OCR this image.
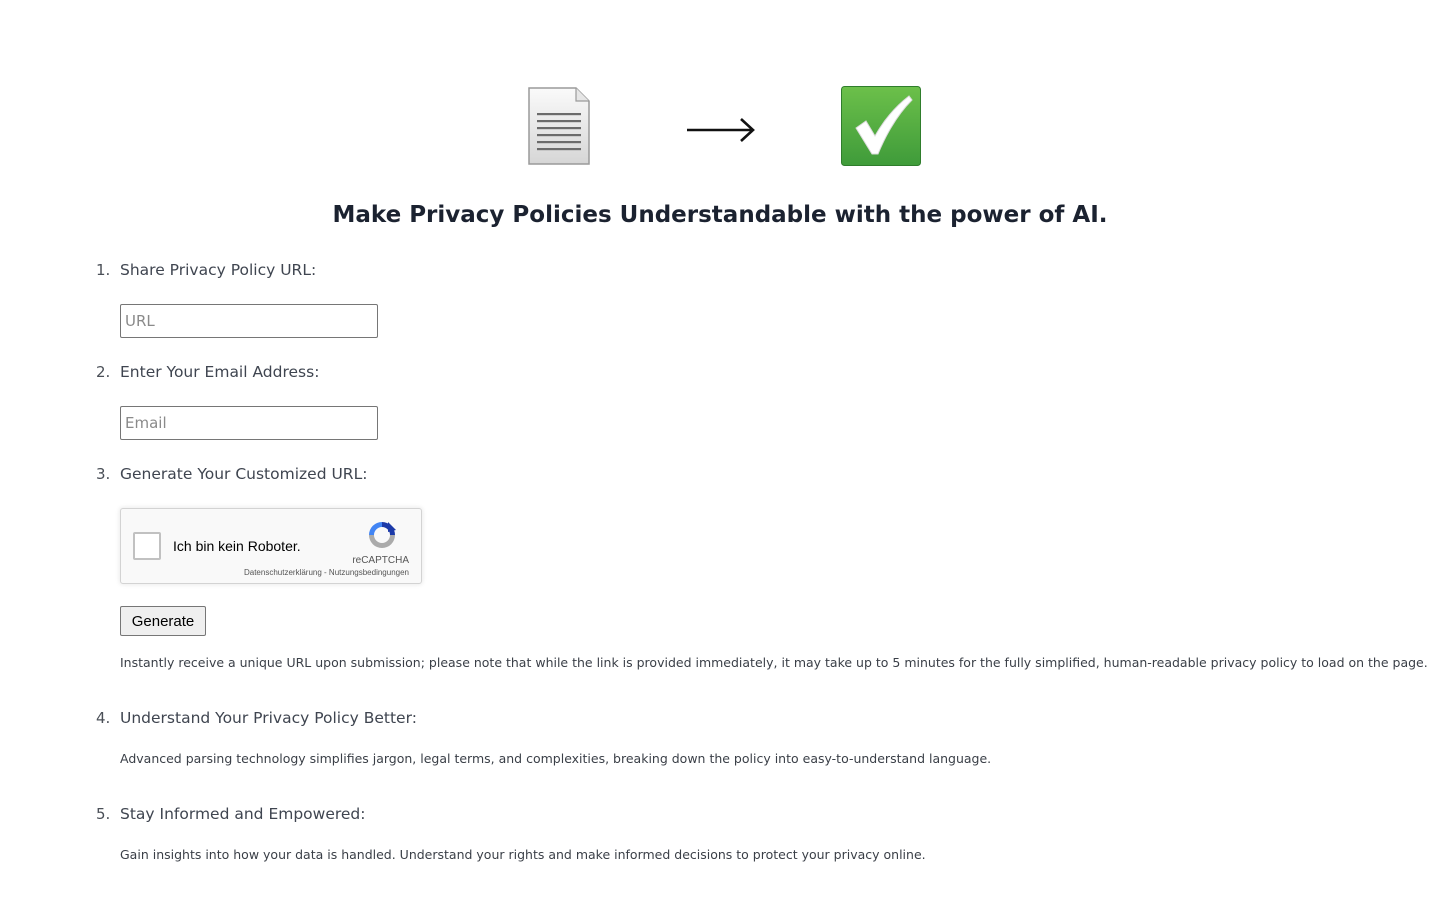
Make Privacy Policies Understandable with the power of AI.
1. Share Privacy Policy URL:
URL
2. Enter Your Email Address:
Email
3. Generate Your Customized URL:
Ich bin kein Roboter.
reCAPTCHA
Datenschutzerklärung - Nutzungsbedingungen
Generate

Instantly receive a unique URL upon submission; please note that while the link is provided immediately, it may take up to 5 minutes for the fully simplified, human-readable privacy policy to load on the page.

4. Understand Your Privacy Policy Better:

Advanced parsing technology simplifies jargon, legal terms, and complexities, breaking down the policy into easy-to-understand language.

5. Stay Informed and Empowered:

Gain insights into how your data is handled. Understand your rights and make informed decisions to protect your privacy online.
